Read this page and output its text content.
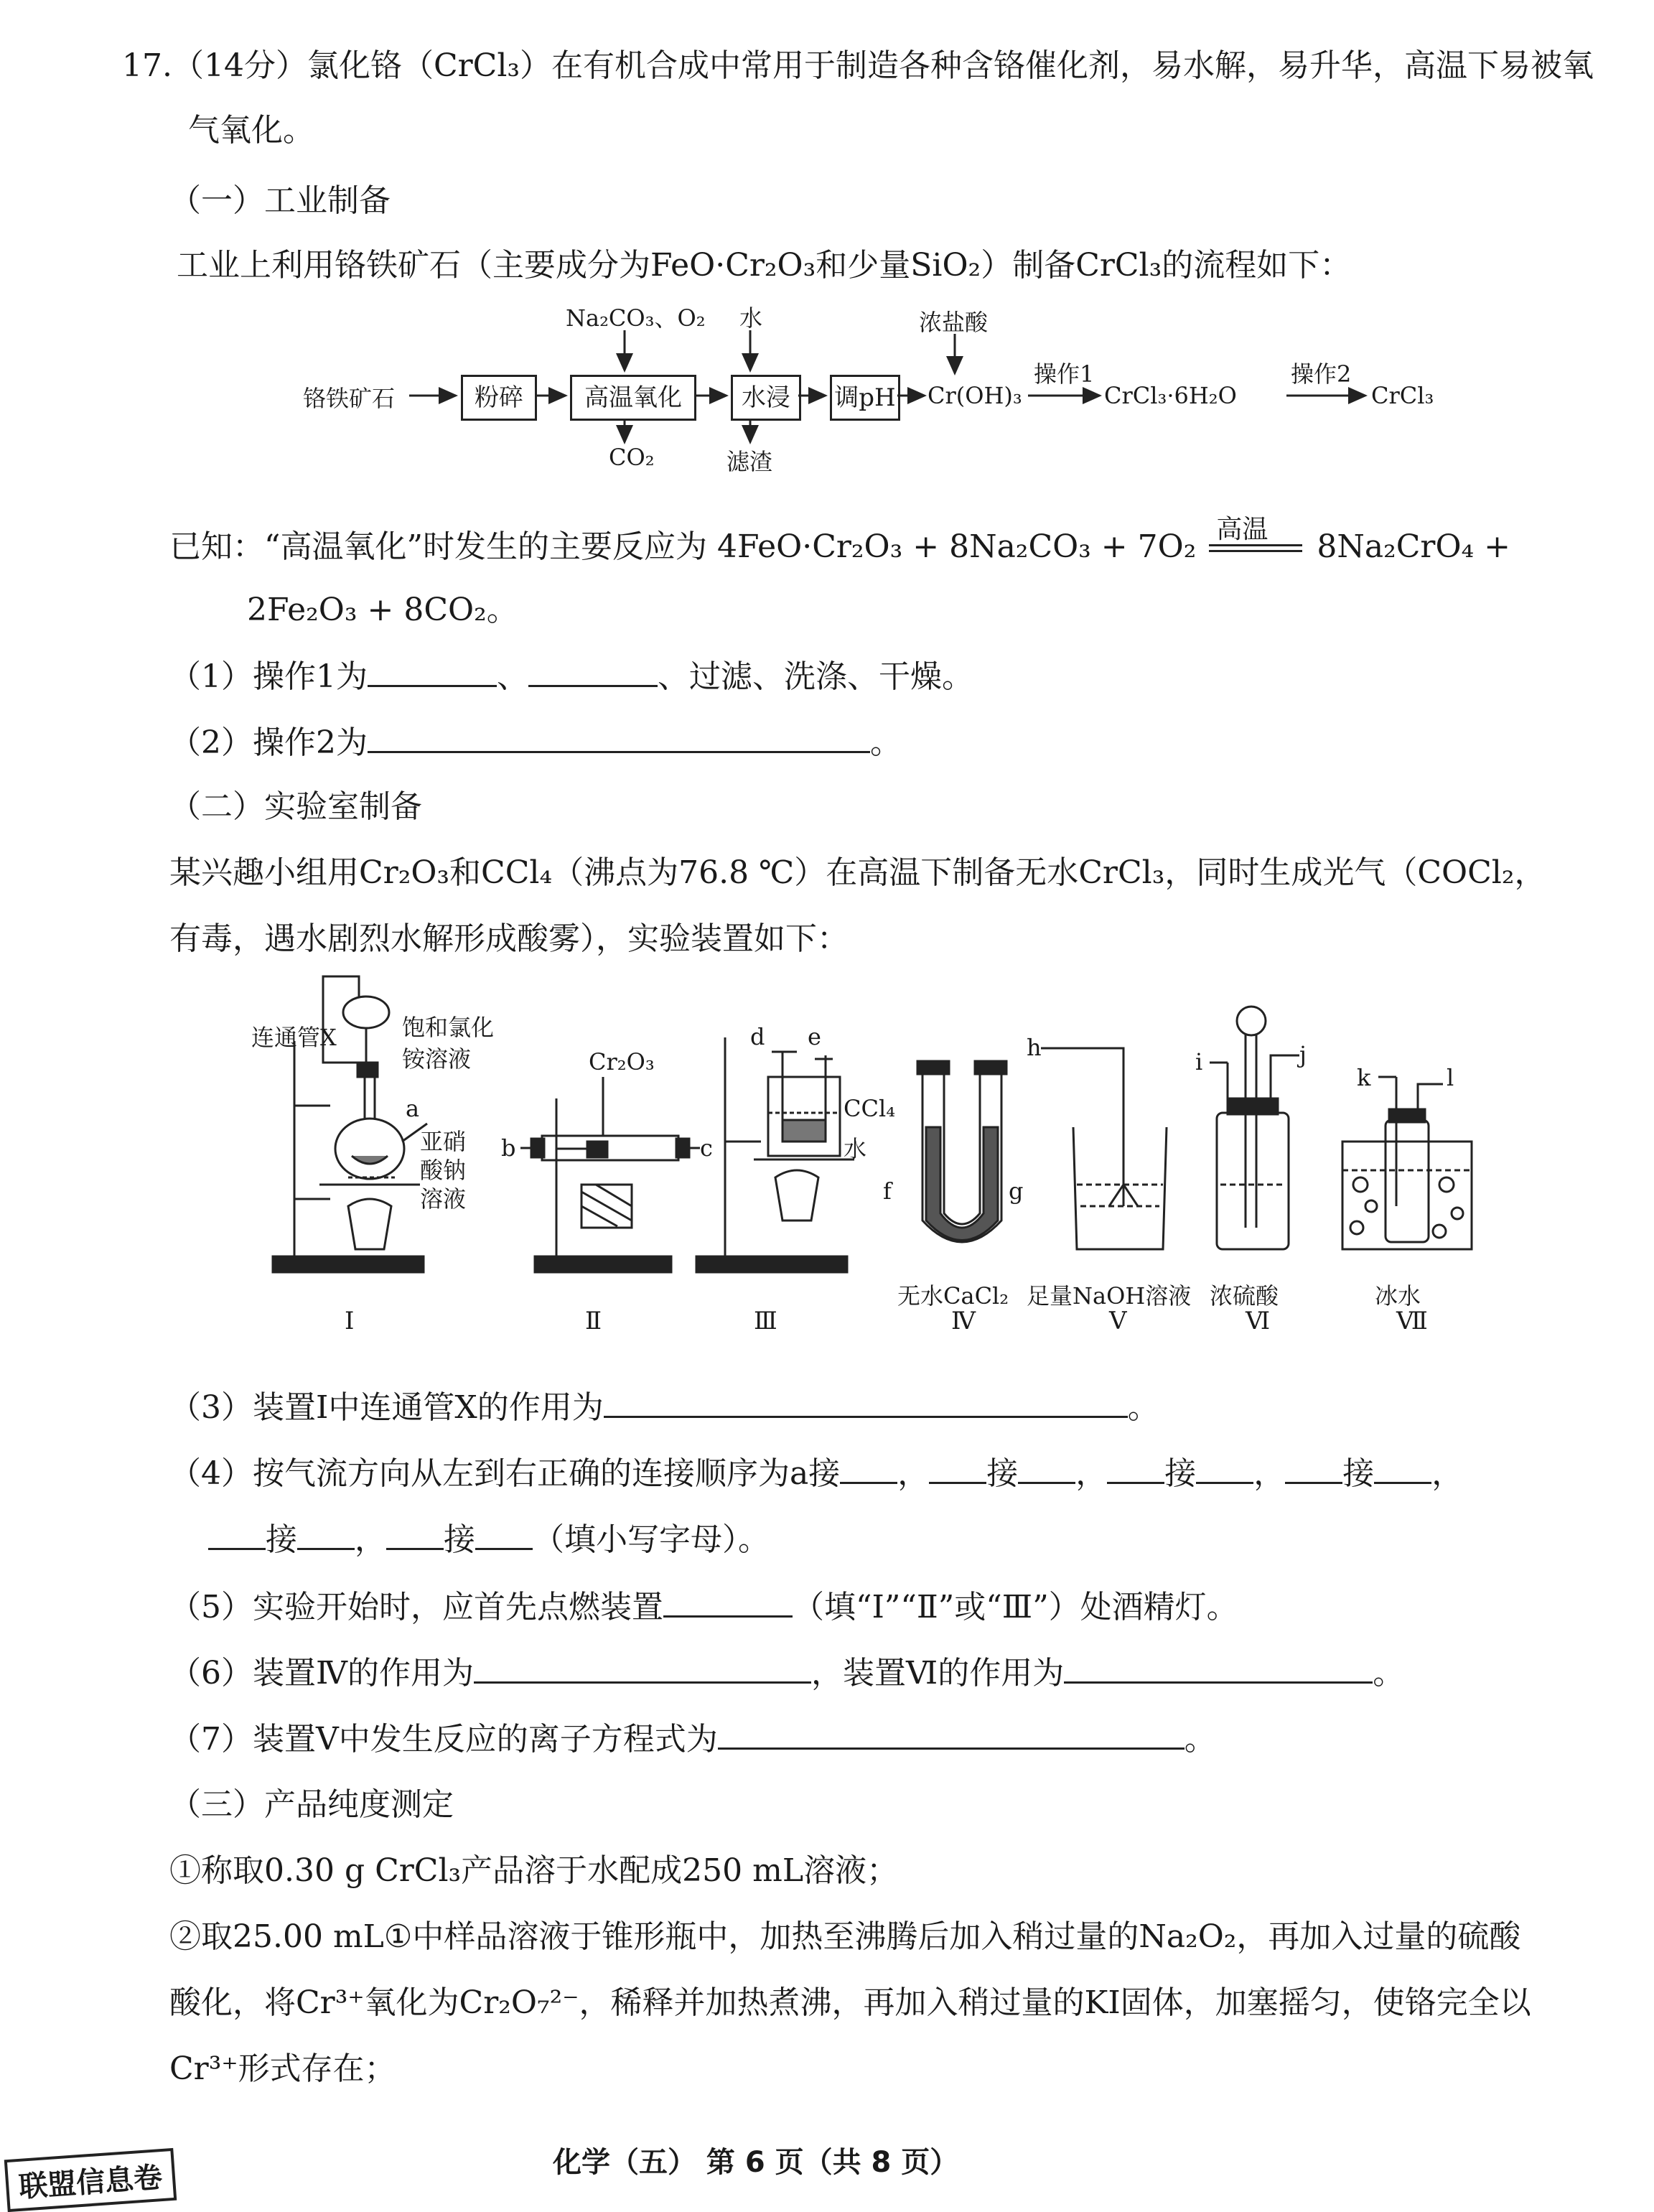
17.（14分）氯化铬（CrCl₃）在有机合成中常用于制造各种含铬催化剂，易水解，易升华，高温下易被氧
气氧化。
（一）工业制备
工业上利用铬铁矿石（主要成分为FeO·Cr₂O₃和少量SiO₂）制备CrCl₃的流程如下：
铬铁矿石	粉碎	高温氧化	水浸	调pH
Na₂CO₃、O₂
CO₂
水
滤渣
浓盐酸
Cr(OH)₃
操作1
CrCl₃·6H₂O
操作2
CrCl₃
已知：“高温氧化”时发生的主要反应为 4FeO·Cr₂O₃ + 8Na₂CO₃ + 7O₂ 高温 8Na₂CrO₄ +
2Fe₂O₃ + 8CO₂。
（1）操作1为	、	、过滤、洗涤、干燥。
（2）操作2为	。
（二）实验室制备
某兴趣小组用Cr₂O₃和CCl₄（沸点为76.8 ℃）在高温下制备无水CrCl₃，同时生成光气（COCl₂，
有毒，遇水剧烈水解形成酸雾），实验装置如下：
连通管X	饱和氯化
铵溶液
a
亚硝
酸钠
溶液
Cr₂O₃
b	c
d e
CCl₄
水
f	g
无水CaCl₂
h
足量NaOH溶液
i	j
浓硫酸
k	l
冰水
Ⅰ	Ⅱ	Ⅲ	Ⅳ	Ⅴ	Ⅵ	Ⅶ
（3）装置Ⅰ中连通管X的作用为	。
（4）按气流方向从左到右正确的连接顺序为a接 ， 接 ， 接 ， 接 ，
接 ， 接 （填小写字母）。
（5）实验开始时，应首先点燃装置	（填“Ⅰ”“Ⅱ”或“Ⅲ”）处酒精灯。
（6）装置Ⅳ的作用为	，装置Ⅵ的作用为	。
（7）装置Ⅴ中发生反应的离子方程式为	。
（三）产品纯度测定
①称取0.30 g CrCl₃产品溶于水配成250 mL溶液；
②取25.00 mL①中样品溶液于锥形瓶中，加热至沸腾后加入稍过量的Na₂O₂，再加入过量的硫酸
酸化，将Cr³⁺氧化为Cr₂O₇²⁻，稀释并加热煮沸，再加入稍过量的KI固体，加塞摇匀，使铬完全以
Cr³⁺形式存在；
联盟信息卷	化学（五） 第 6 页（共 8 页）
